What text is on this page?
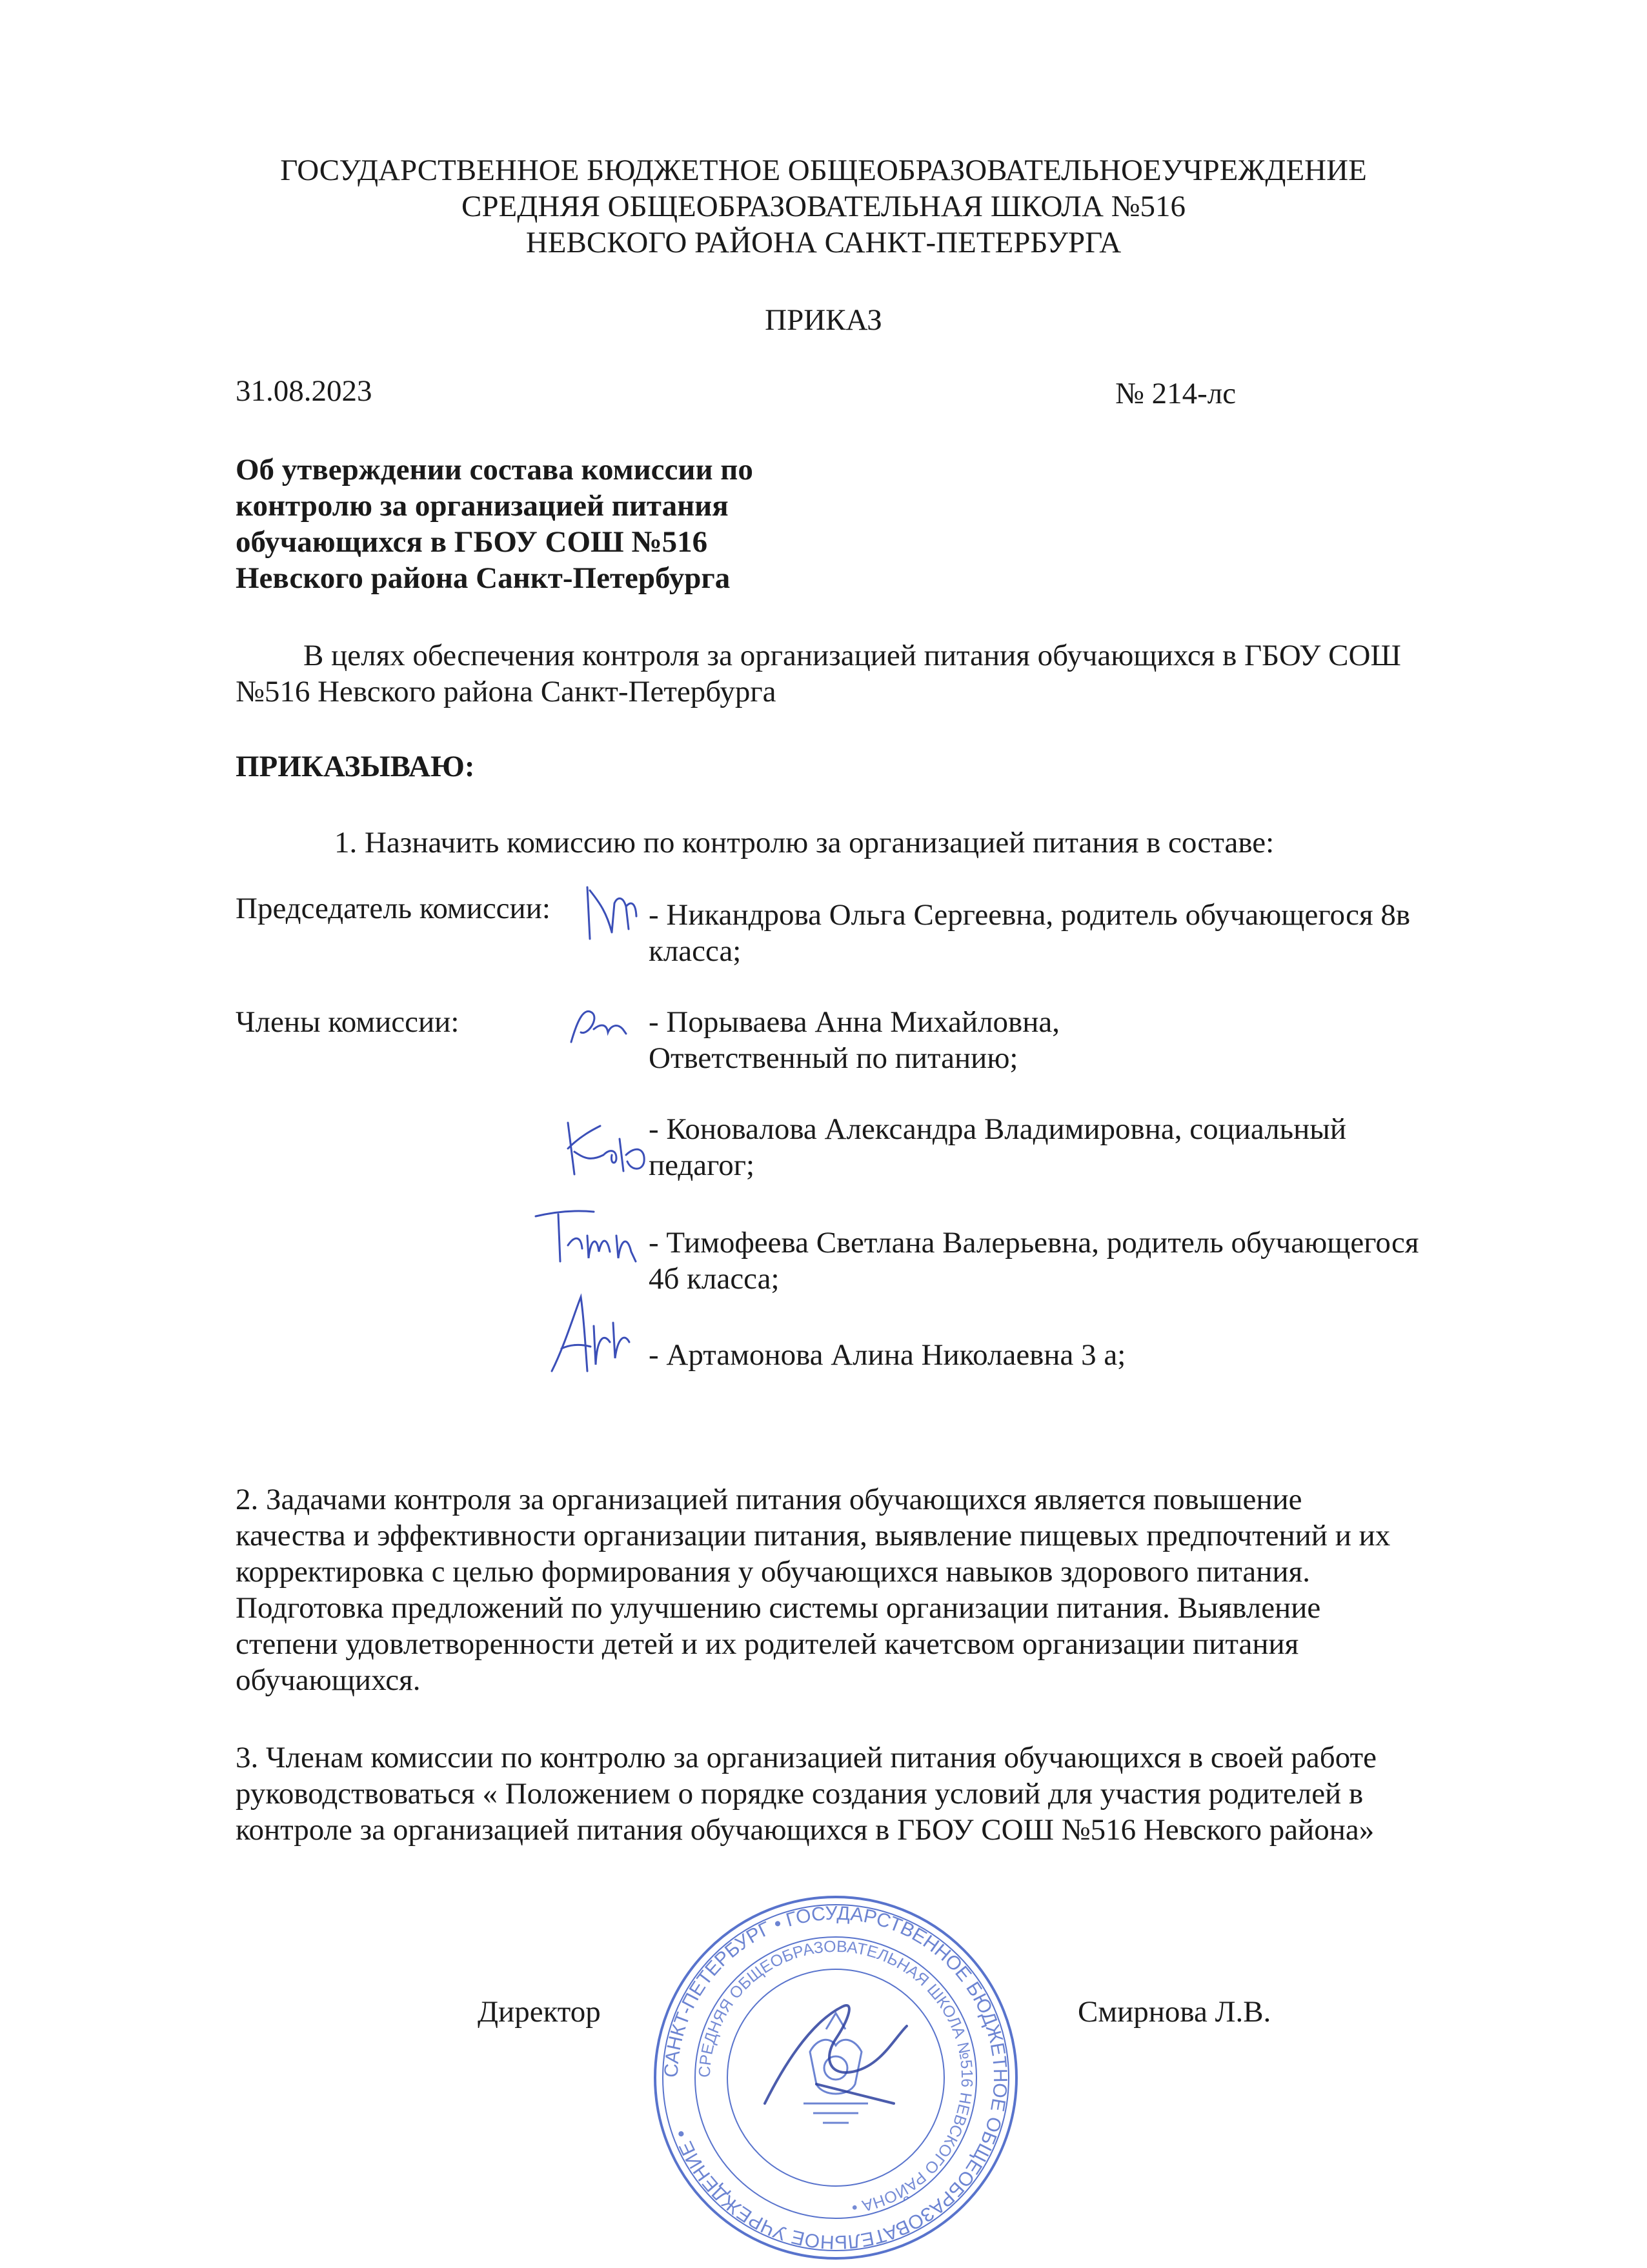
ГОСУДАРСТВЕННОЕ БЮДЖЕТНОЕ ОБЩЕОБРАЗОВАТЕЛЬНОЕУЧРЕЖДЕНИЕ
СРЕДНЯЯ ОБЩЕОБРАЗОВАТЕЛЬНАЯ ШКОЛА №516
НЕВСКОГО РАЙОНА САНКТ-ПЕТЕРБУРГА
ПРИКАЗ
31.08.2023	№ 214-лс
Об утверждении состава комиссии по
контролю за организацией питания
обучающихся в ГБОУ СОШ №516
Невского района Санкт-Петербурга
В целях обеспечения контроля за организацией питания обучающихся в ГБОУ СОШ
№516 Невского района Санкт-Петербурга
ПРИКАЗЫВАЮ:
1. Назначить комиссию по контролю за организацией питания в составе:
Председатель комиссии:	- Никандрова Ольга Сергеевна, родитель обучающегося 8в
класса;
Члены комиссии:	- Порываева Анна Михайловна,
Ответственный по питанию;
- Коновалова Александра Владимировна, социальный
педагог;
- Тимофеева Светлана Валерьевна, родитель обучающегося
4б класса;
- Артамонова Алина Николаевна 3 а;
2. Задачами контроля за организацией питания обучающихся является повышение
качества и эффективности организации питания, выявление пищевых предпочтений и их
корректировка с целью формирования у обучающихся навыков здорового питания.
Подготовка предложений по улучшению системы организации питания. Выявление
степени удовлетворенности детей и их родителей качетсвом организации питания
обучающихся.
3. Членам комиссии по контролю за организацией питания обучающихся в своей работе
руководствоваться « Положением о порядке создания условий для участия родителей в
контроле за организацией питания обучающихся в ГБОУ СОШ №516 Невского района»
САНКТ-ПЕТЕРБУРГ • ГОСУДАРСТВЕННОЕ БЮДЖЕТНОЕ ОБЩЕОБРАЗОВАТЕЛЬНОЕ УЧРЕЖДЕНИЕ •
СРЕДНЯЯ ОБЩЕОБРАЗОВАТЕЛЬНАЯ ШКОЛА №516 НЕВСКОГО РАЙОНА •
Директор	Смирнова Л.В.
